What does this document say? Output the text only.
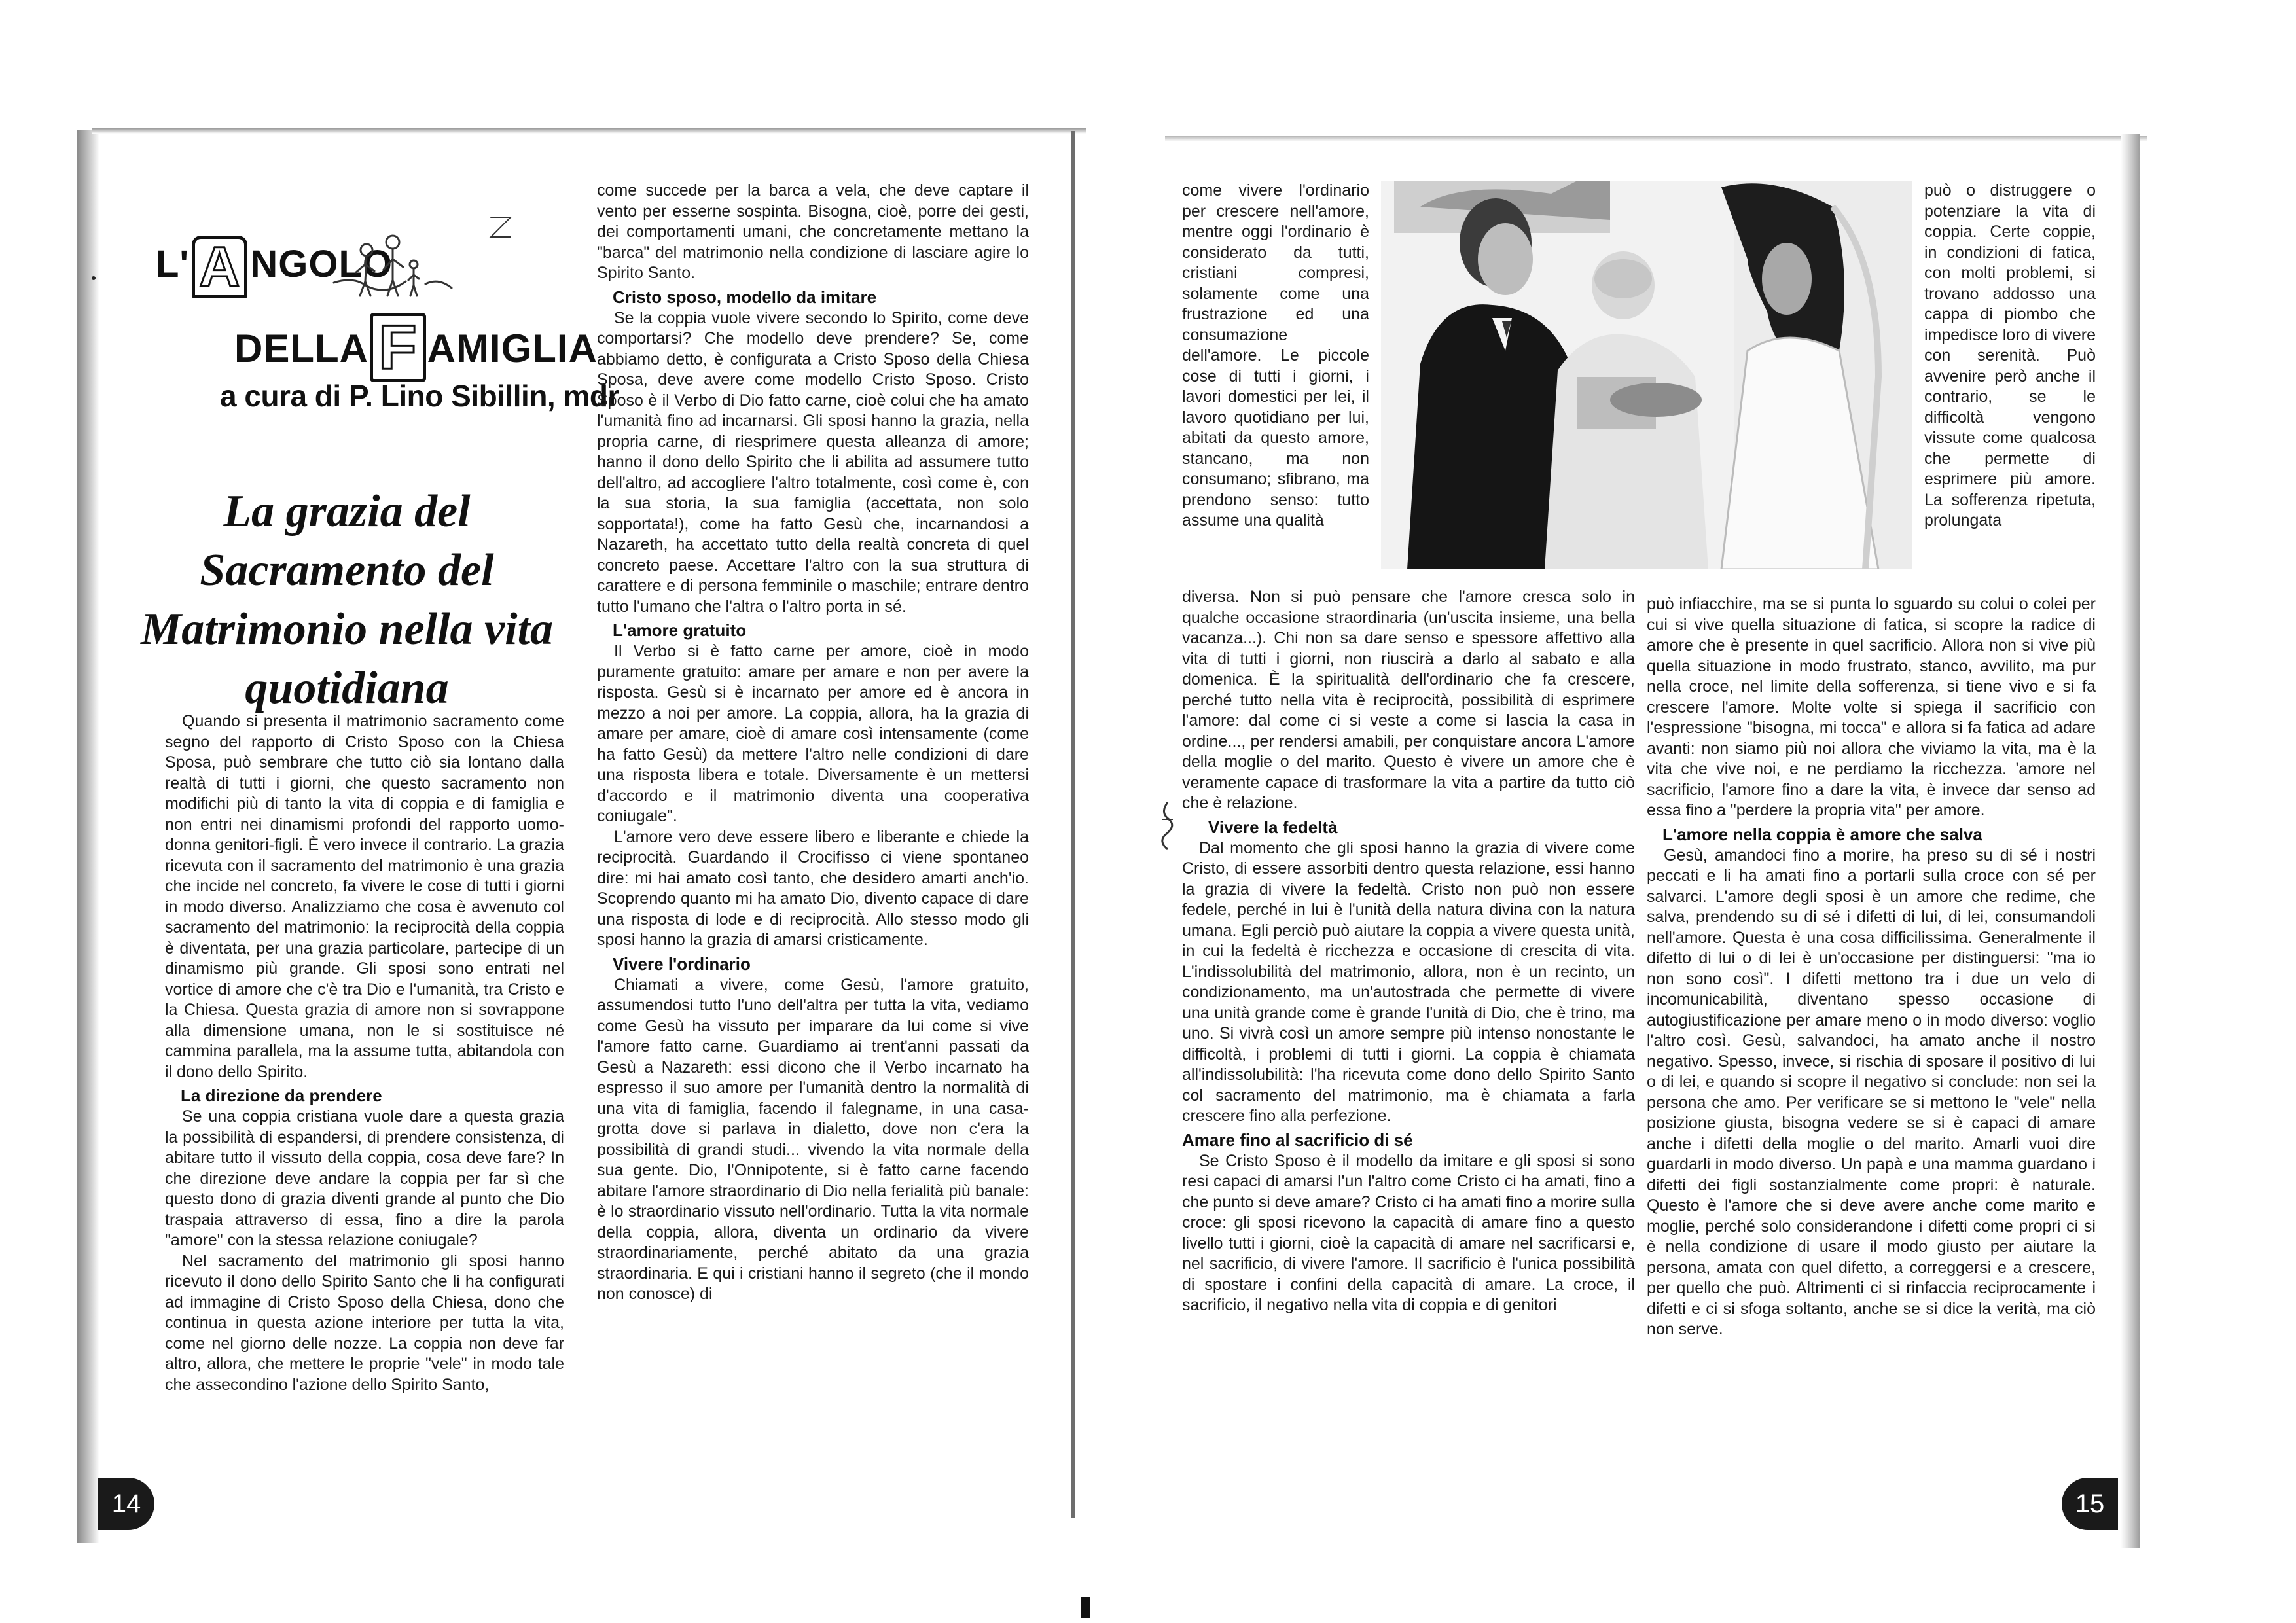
L' A NGOLO
DELLA F AMIGLIA
a cura di P. Lino Sibillin, mdr
La grazia del Sacramento del Matrimonio nella vita quotidiana

Quando si presenta il matrimonio sacramento come segno del rapporto di Cristo Sposo con la Chiesa Sposa, può sembrare che tutto ciò sia lontano dalla realtà di tutti i giorni, che questo sacramento non modifichi più di tanto la vita di coppia e di famiglia e non entri nei dinamismi profondi del rapporto uomo-donna genitori-figli. È vero invece il contrario. La grazia ricevuta con il sacramento del matrimonio è una grazia che incide nel concreto, fa vivere le cose di tutti i giorni in modo diverso. Analizziamo che cosa è avvenuto col sacramento del matrimonio: la reciprocità della coppia è diventata, per una grazia particolare, partecipe di un dinamismo più grande. Gli sposi sono entrati nel vortice di amore che c'è tra Dio e l'umanità, tra Cristo e la Chiesa. Questa grazia di amore non si sovrappone alla dimensione umana, non le si sostituisce né cammina parallela, ma la assume tutta, abitandola con il dono dello Spirito.

La direzione da prendere

Se una coppia cristiana vuole dare a questa grazia la possibilità di espandersi, di prendere consistenza, di abitare tutto il vissuto della coppia, cosa deve fare? In che direzione deve andare la coppia per far sì che questo dono di grazia diventi grande al punto che Dio traspaia attraverso di essa, fino a dire la parola "amore" con la stessa relazione coniugale?

Nel sacramento del matrimonio gli sposi hanno ricevuto il dono dello Spirito Santo che li ha configurati ad immagine di Cristo Sposo della Chiesa, dono che continua in questa azione interiore per tutta la vita, come nel giorno delle nozze. La coppia non deve far altro, allora, che mettere le proprie "vele" in modo tale che assecondino l'azione dello Spirito Santo,

come succede per la barca a vela, che deve captare il vento per esserne sospinta. Bisogna, cioè, porre dei gesti, dei comportamenti umani, che concretamente mettano la "barca" del matrimonio nella condizione di lasciare agire lo Spirito Santo.

Cristo sposo, modello da imitare

Se la coppia vuole vivere secondo lo Spirito, come deve comportarsi? Che modello deve prendere? Se, come abbiamo detto, è configurata a Cristo Sposo della Chiesa Sposa, deve avere come modello Cristo Sposo. Cristo Sposo è il Verbo di Dio fatto carne, cioè colui che ha amato l'umanità fino ad incarnarsi. Gli sposi hanno la grazia, nella propria carne, di riesprimere questa alleanza di amore; hanno il dono dello Spirito che li abilita ad assumere tutto dell'altro, ad accogliere l'altro totalmente, così come è, con la sua storia, la sua famiglia (accettata, non solo sopportata!), come ha fatto Gesù che, incarnandosi a Nazareth, ha accettato tutto della realtà concreta di quel concreto paese. Accettare l'altro con la sua struttura di carattere e di persona femminile o maschile; entrare dentro tutto l'umano che l'altra o l'altro porta in sé.

L'amore gratuito

Il Verbo si è fatto carne per amore, cioè in modo puramente gratuito: amare per amare e non per avere la risposta. Gesù si è incarnato per amore ed è ancora in mezzo a noi per amore. La coppia, allora, ha la grazia di amare per amare, cioè di amare così intensamente (come ha fatto Gesù) da mettere l'altro nelle condizioni di dare una risposta libera e totale. Diversamente è un mettersi d'accordo e il matrimonio diventa una cooperativa coniugale".

L'amore vero deve essere libero e liberante e chiede la reciprocità. Guardando il Crocifisso ci viene spontaneo dire: mi hai amato così tanto, che desidero amarti anch'io. Scoprendo quanto mi ha amato Dio, divento capace di dare una risposta di lode e di reciprocità. Allo stesso modo gli sposi hanno la grazia di amarsi cristicamente.

Vivere l'ordinario

Chiamati a vivere, come Gesù, l'amore gratuito, assumendosi tutto l'uno dell'altra per tutta la vita, vediamo come Gesù ha vissuto per imparare da lui come si vive l'amore fatto carne. Guardiamo ai trent'anni passati da Gesù a Nazareth: essi dicono che il Verbo incarnato ha espresso il suo amore per l'umanità dentro la normalità di una vita di famiglia, facendo il falegname, in una casa-grotta dove si parlava in dialetto, dove non c'era la possibilità di grandi studi... vivendo la vita normale della sua gente. Dio, l'Onnipotente, si è fatto carne facendo abitare l'amore straordinario di Dio nella ferialità più banale: è lo straordinario vissuto nell'ordinario. Tutta la vita normale della coppia, allora, diventa un ordinario da vivere straordinariamente, perché abitato da una grazia straordinaria. E qui i cristiani hanno il segreto (che il mondo non conosce) di

14
come vivere l'ordinario per crescere nell'amore, mentre oggi l'ordinario è considerato da tutti, cristiani compresi, solamente come una frustrazione ed una consumazione dell'amore. Le piccole cose di tutti i giorni, i lavori domestici per lei, il lavoro quotidiano per lui, abitati da questo amore, stancano, ma non consumano; sfibrano, ma prendono senso: tutto assume una qualità
può o distruggere o potenziare la vita di coppia. Certe coppie, in condizioni di fatica, con molti problemi, si trovano addosso una cappa di piombo che impedisce loro di vivere con serenità. Può avvenire però anche il contrario, se le difficoltà vengono vissute come qualcosa che permette di esprimere più amore. La sofferenza ripetuta, prolungata

diversa. Non si può pensare che l'amore cresca solo in qualche occasione straordinaria (un'uscita insieme, una bella vacanza...). Chi non sa dare senso e spessore affettivo alla vita di tutti i giorni, non riuscirà a darlo al sabato e alla domenica. È la spiritualità dell'ordinario che fa crescere, perché tutto nella vita è reciprocità, possibilità di esprimere l'amore: dal come ci si veste a come si lascia la casa in ordine..., per rendersi amabili, per conquistare ancora L'amore della moglie o del marito. Questo è vivere un amore che è veramente capace di trasformare la vita a partire da tutto ciò che è relazione.

Vivere la fedeltà

Dal momento che gli sposi hanno la grazia di vivere come Cristo, di essere assorbiti dentro questa relazione, essi hanno la grazia di vivere la fedeltà. Cristo non può non essere fedele, perché in lui è l'unità della natura divina con la natura umana. Egli perciò può aiutare la coppia a vivere questa unità, in cui la fedeltà è ricchezza e occasione di crescita di vita. L'indissolubilità del matrimonio, allora, non è un recinto, un condizionamento, ma un'autostrada che permette di vivere una unità grande come è grande l'unità di Dio, che è trino, ma uno. Si vivrà così un amore sempre più intenso nonostante le difficoltà, i problemi di tutti i giorni. La coppia è chiamata all'indissolubilità: l'ha ricevuta come dono dello Spirito Santo col sacramento del matrimonio, ma è chiamata a farla crescere fino alla perfezione.

Amare fino al sacrificio di sé

Se Cristo Sposo è il modello da imitare e gli sposi si sono resi capaci di amarsi l'un l'altro come Cristo ci ha amati, fino a che punto si deve amare? Cristo ci ha amati fino a morire sulla croce: gli sposi ricevono la capacità di amare fino a questo livello tutti i giorni, cioè la capacità di amare nel sacrificarsi e, nel sacrificio, di vivere l'amore. Il sacrificio è l'unica possibilità di spostare i confini della capacità di amare. La croce, il sacrificio, il negativo nella vita di coppia e di genitori

può infiacchire, ma se si punta lo sguardo su colui o colei per cui si vive quella situazione di fatica, si scopre la radice di amore che è presente in quel sacrificio. Allora non si vive più quella situazione in modo frustrato, stanco, avvilito, ma pur nella croce, nel limite della sofferenza, si tiene vivo e si fa crescere l'amore. Molte volte si spiega il sacrificio con l'espressione "bisogna, mi tocca" e allora si fa fatica ad adare avanti: non siamo più noi allora che viviamo la vita, ma è la vita che vive noi, e ne perdiamo la ricchezza. 'amore nel sacrificio, l'amore fino a dare la vita, è invece dar senso ad essa fino a "perdere la propria vita" per amore.

L'amore nella coppia è amore che salva

Gesù, amandoci fino a morire, ha preso su di sé i nostri peccati e li ha amati fino a portarli sulla croce con sé per salvarci. L'amore degli sposi è un amore che redime, che salva, prendendo su di sé i difetti di lui, di lei, consumandoli nell'amore. Questa è una cosa difficilissima. Generalmente il difetto di lui o di lei è un'occasione per distinguersi: "ma io non sono così". I difetti mettono tra i due un velo di incomunicabilità, diventano spesso occasione di autogiustificazione per amare meno o in modo diverso: voglio l'altro così. Gesù, salvandoci, ha amato anche il nostro negativo. Spesso, invece, si rischia di sposare il positivo di lui o di lei, e quando si scopre il negativo si conclude: non sei la persona che amo. Per verificare se si mettono le "vele" nella posizione giusta, bisogna vedere se si è capaci di amare anche i difetti della moglie o del marito. Amarli vuoi dire guardarli in modo diverso. Un papà e una mamma guardano i difetti dei figli sostanzialmente come propri: è naturale. Questo è l'amore che si deve avere anche come marito e moglie, perché solo considerandone i difetti come propri ci si è nella condizione di usare il modo giusto per aiutare la persona, amata con quel difetto, a correggersi e a crescere, per quello che può. Altrimenti ci si rinfaccia reciprocamente i difetti e ci si sfoga soltanto, anche se si dice la verità, ma ciò non serve.

15
